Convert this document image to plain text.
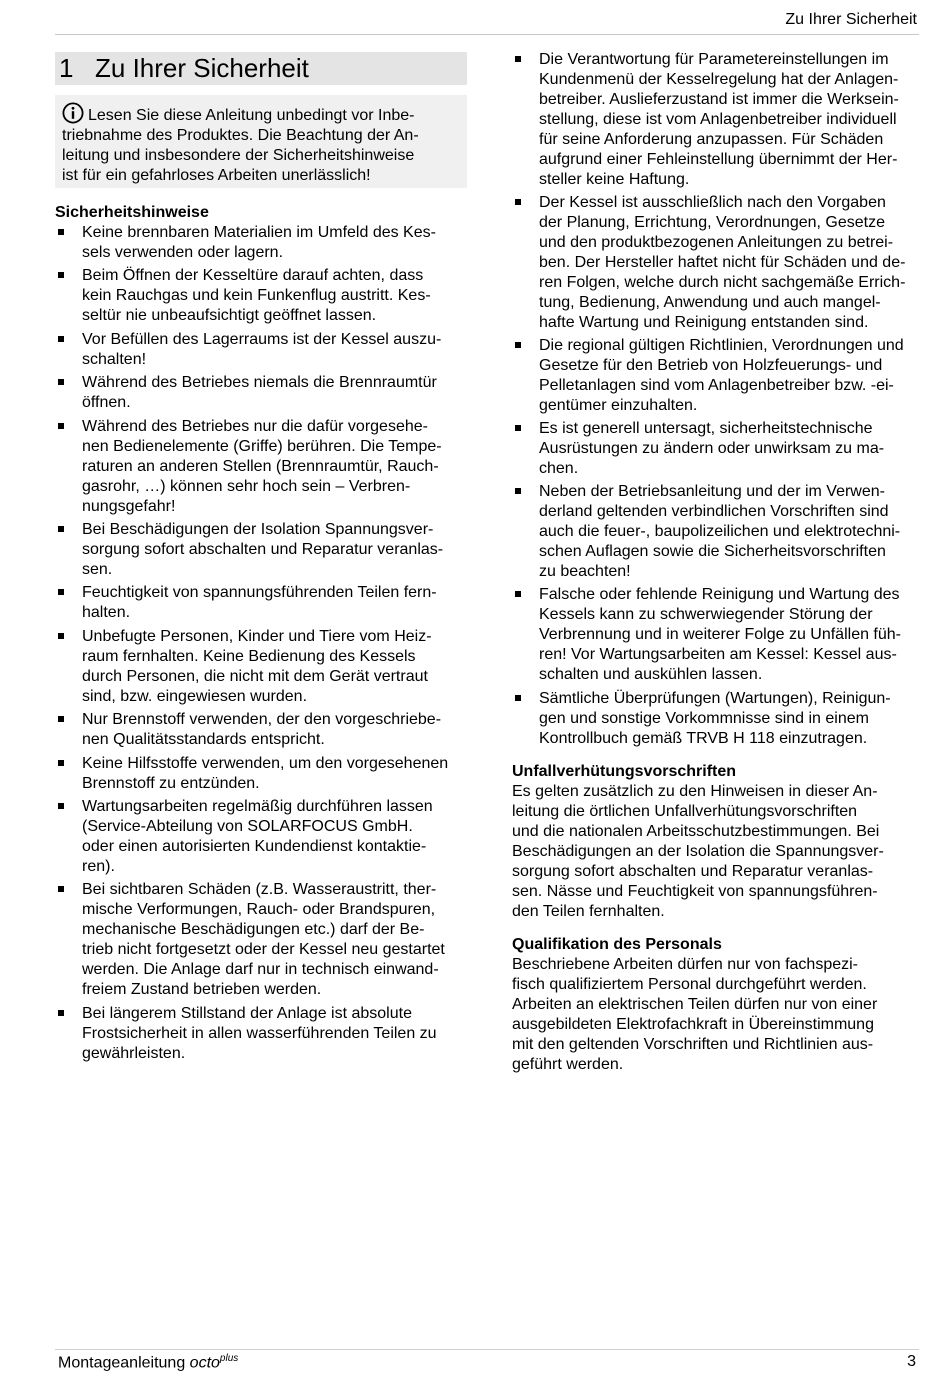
Zu Ihrer Sicherheit
1 Zu Ihrer Sicherheit

Lesen Sie diese Anleitung unbedingt vor Inbe-
triebnahme des Produktes. Die Beachtung der An-
leitung und insbesondere der Sicherheitshinweise
ist für ein gefahrloses Arbeiten unerlässlich!

Sicherheitshinweise

Keine brennbaren Materialien im Umfeld des Kes-
sels verwenden oder lagern.

Beim Öffnen der Kesseltüre darauf achten, dass
kein Rauchgas und kein Funkenflug austritt. Kes-
seltür nie unbeaufsichtigt geöffnet lassen.

Vor Befüllen des Lagerraums ist der Kessel auszu-
schalten!

Während des Betriebes niemals die Brennraumtür
öffnen.

Während des Betriebes nur die dafür vorgesehe-
nen Bedienelemente (Griffe) berühren. Die Tempe-
raturen an anderen Stellen (Brennraumtür, Rauch-
gasrohr, …) können sehr hoch sein – Verbren-
nungsgefahr!

Bei Beschädigungen der Isolation Spannungsver-
sorgung sofort abschalten und Reparatur veranlas-
sen.

Feuchtigkeit von spannungsführenden Teilen fern-
halten.

Unbefugte Personen, Kinder und Tiere vom Heiz-
raum fernhalten. Keine Bedienung des Kessels
durch Personen, die nicht mit dem Gerät vertraut
sind, bzw. eingewiesen wurden.

Nur Brennstoff verwenden, der den vorgeschriebe-
nen Qualitätsstandards entspricht.

Keine Hilfsstoffe verwenden, um den vorgesehenen
Brennstoff zu entzünden.

Wartungsarbeiten regelmäßig durchführen lassen
(Service-Abteilung von SOLARFOCUS GmbH.
oder einen autorisierten Kundendienst kontaktie-
ren).

Bei sichtbaren Schäden (z.B. Wasseraustritt, ther-
mische Verformungen, Rauch- oder Brandspuren,
mechanische Beschädigungen etc.) darf der Be-
trieb nicht fortgesetzt oder der Kessel neu gestartet
werden. Die Anlage darf nur in technisch einwand-
freiem Zustand betrieben werden.

Bei längerem Stillstand der Anlage ist absolute
Frostsicherheit in allen wasserführenden Teilen zu
gewährleisten.

Die Verantwortung für Parametereinstellungen im
Kundenmenü der Kesselregelung hat der Anlagen-
betreiber. Auslieferzustand ist immer die Werksein-
stellung, diese ist vom Anlagenbetreiber individuell
für seine Anforderung anzupassen. Für Schäden
aufgrund einer Fehleinstellung übernimmt der Her-
steller keine Haftung.

Der Kessel ist ausschließlich nach den Vorgaben
der Planung, Errichtung, Verordnungen, Gesetze
und den produktbezogenen Anleitungen zu betrei-
ben. Der Hersteller haftet nicht für Schäden und de-
ren Folgen, welche durch nicht sachgemäße Errich-
tung, Bedienung, Anwendung und auch mangel-
hafte Wartung und Reinigung entstanden sind.

Die regional gültigen Richtlinien, Verordnungen und
Gesetze für den Betrieb von Holzfeuerungs- und
Pelletanlagen sind vom Anlagenbetreiber bzw. -ei-
gentümer einzuhalten.

Es ist generell untersagt, sicherheitstechnische
Ausrüstungen zu ändern oder unwirksam zu ma-
chen.

Neben der Betriebsanleitung und der im Verwen-
derland geltenden verbindlichen Vorschriften sind
auch die feuer-, baupolizeilichen und elektrotechni-
schen Auflagen sowie die Sicherheitsvorschriften
zu beachten!

Falsche oder fehlende Reinigung und Wartung des
Kessels kann zu schwerwiegender Störung der
Verbrennung und in weiterer Folge zu Unfällen füh-
ren! Vor Wartungsarbeiten am Kessel: Kessel aus-
schalten und auskühlen lassen.

Sämtliche Überprüfungen (Wartungen), Reinigun-
gen und sonstige Vorkommnisse sind in einem
Kontrollbuch gemäß TRVB H 118 einzutragen.

Unfallverhütungsvorschriften

Es gelten zusätzlich zu den Hinweisen in dieser An-
leitung die örtlichen Unfallverhütungsvorschriften
und die nationalen Arbeitsschutzbestimmungen. Bei
Beschädigungen an der Isolation die Spannungsver-
sorgung sofort abschalten und Reparatur veranlas-
sen. Nässe und Feuchtigkeit von spannungsführen-
den Teilen fernhalten.

Qualifikation des Personals

Beschriebene Arbeiten dürfen nur von fachspezi-
fisch qualifiziertem Personal durchgeführt werden.
Arbeiten an elektrischen Teilen dürfen nur von einer
ausgebildeten Elektrofachkraft in Übereinstimmung
mit den geltenden Vorschriften und Richtlinien aus-
geführt werden.

Montageanleitung octo$^{plus}$	3
